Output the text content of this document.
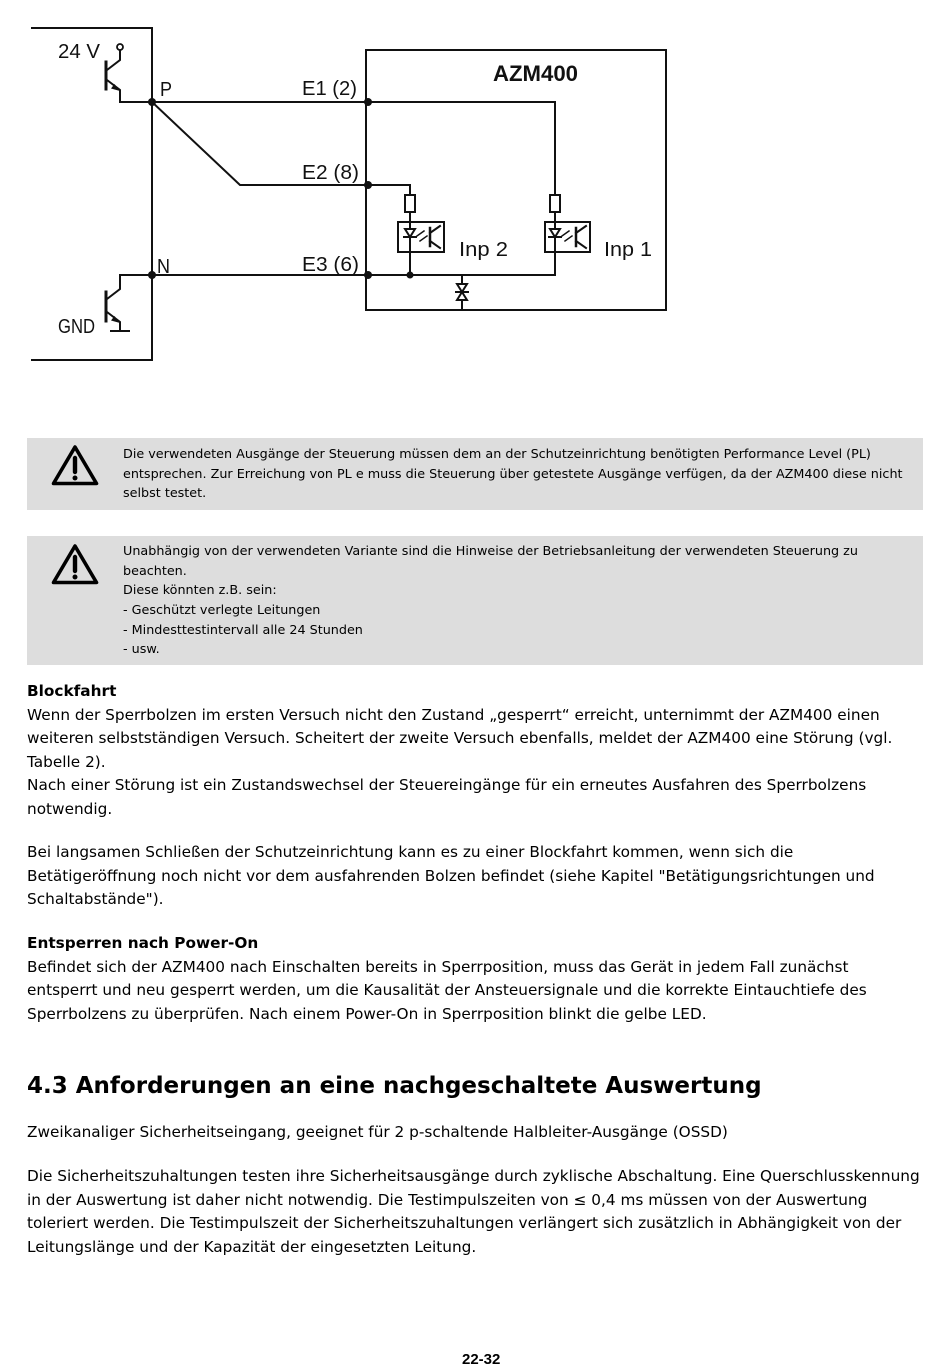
24 V
P	E1 (2)
AZM400
E2 (8)
Inp 2	Inp 1
N	E3 (6)
GND
Die verwendeten Ausgänge der Steuerung müssen dem an der Schutzeinrichtung benötigten Performance Level (PL)
entsprechen. Zur Erreichung von PL e muss die Steuerung über getestete Ausgänge verfügen, da der AZM400 diese nicht
selbst testet.
Unabhängig von der verwendeten Variante sind die Hinweise der Betriebsanleitung der verwendeten Steuerung zu
beachten.
Diese könnten z.B. sein:
- Geschützt verlegte Leitungen
- Mindesttestintervall alle 24 Stunden
- usw.
Blockfahrt
Wenn der Sperrbolzen im ersten Versuch nicht den Zustand „gesperrt“ erreicht, unternimmt der AZM400 einen
weiteren selbstständigen Versuch. Scheitert der zweite Versuch ebenfalls, meldet der AZM400 eine Störung (vgl.
Tabelle 2).
Nach einer Störung ist ein Zustandswechsel der Steuereingänge für ein erneutes Ausfahren des Sperrbolzens
notwendig.
Bei langsamen Schließen der Schutzeinrichtung kann es zu einer Blockfahrt kommen, wenn sich die
Betätigeröffnung noch nicht vor dem ausfahrenden Bolzen befindet (siehe Kapitel "Betätigungsrichtungen und
Schaltabstände").
Entsperren nach Power-On
Befindet sich der AZM400 nach Einschalten bereits in Sperrposition, muss das Gerät in jedem Fall zunächst
entsperrt und neu gesperrt werden, um die Kausalität der Ansteuersignale und die korrekte Eintauchtiefe des
Sperrbolzens zu überprüfen. Nach einem Power-On in Sperrposition blinkt die gelbe LED.
4.3 Anforderungen an eine nachgeschaltete Auswertung
Zweikanaliger Sicherheitseingang, geeignet für 2 p-schaltende Halbleiter-Ausgänge (OSSD)
Die Sicherheitszuhaltungen testen ihre Sicherheitsausgänge durch zyklische Abschaltung. Eine Querschlusskennung
in der Auswertung ist daher nicht notwendig. Die Testimpulszeiten von ≤ 0,4 ms müssen von der Auswertung
toleriert werden. Die Testimpulszeit der Sicherheitszuhaltungen verlängert sich zusätzlich in Abhängigkeit von der
Leitungslänge und der Kapazität der eingesetzten Leitung.
22-32
